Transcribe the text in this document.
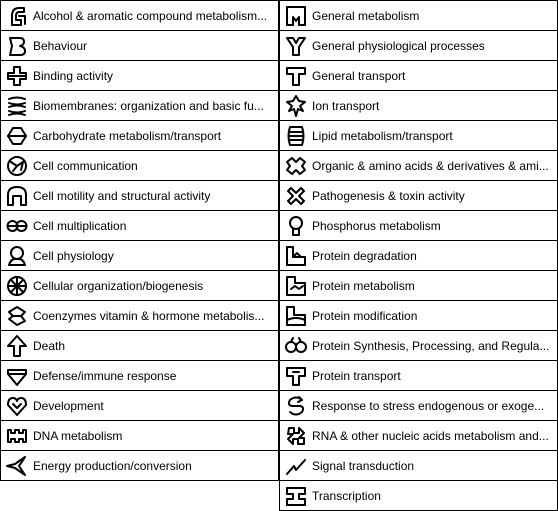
Alcohol & aromatic compound metabolism...
Behaviour
Binding activity
Biomembranes: organization and basic fu...
Carbohydrate metabolism/transport
Cell communication
Cell motility and structural activity
Cell multiplication
Cell physiology
Cellular organization/biogenesis
Coenzymes vitamin & hormone metabolis...
Death
Defense/immune response
Development
DNA metabolism
Energy production/conversion
General metabolism
General physiological processes
General transport
Ion transport
Lipid metabolism/transport
Organic & amino acids & derivatives & ami...
Pathogenesis & toxin activity
Phosphorus metabolism
Protein degradation
Protein metabolism
Protein modification
Protein Synthesis, Processing, and Regula...
Protein transport
Response to stress endogenous or exoge...
RNA & other nucleic acids metabolism and...
Signal transduction
Transcription
